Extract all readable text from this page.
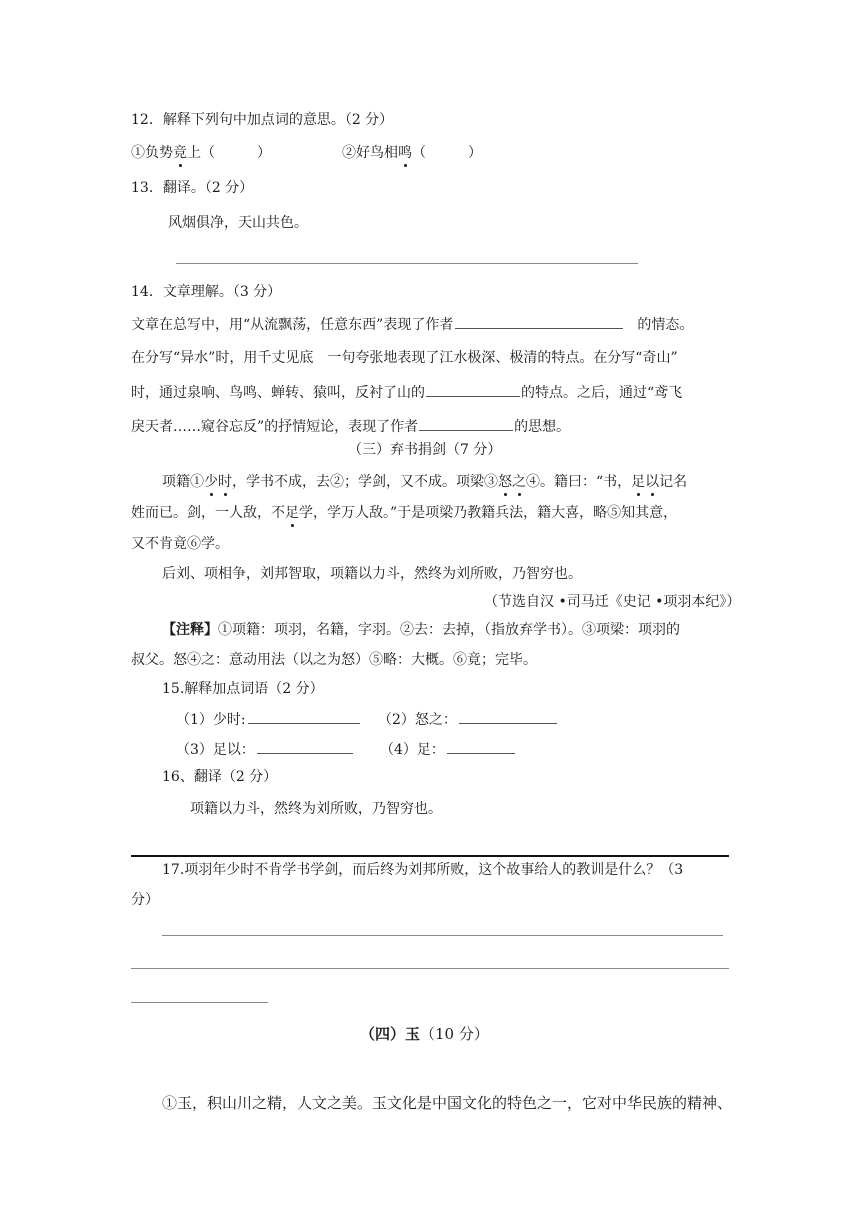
12．解释下列句中加点词的意思。（2 分）
①负势竞上（　　　）	②好鸟相鸣（　　　）
13．翻译。（2 分）
风烟俱净，天山共色。
14．文章理解。（3 分）
文章在总写中，用“从流飘荡，任意东西”表现了作者	的情态。
在分写“异水”时，用千丈见底　一句夸张地表现了江水极深、极清的特点。在分写“奇山”
时，通过泉响、鸟鸣、蝉转、猿叫，反衬了山的	的特点。之后，通过“鸢飞
戾天者……窥谷忘反”的抒情短论，表现了作者	的思想。
（三）弃书捐剑（7 分）
项籍①少时，学书不成，去②；学剑，又不成。项梁③怒之④。籍曰：“书，足以记名
姓而已。剑，一人敌，不足学，学万人敌。”于是项梁乃教籍兵法，籍大喜，略⑤知其意，
又不肯竟⑥学。
后刘、项相争，刘邦智取，项籍以力斗，然终为刘所败，乃智穷也。
（节选自汉 •司马迁《史记 •项羽本纪》）
【注释】①项籍：项羽，名籍，字羽。②去：去掉，（指放弃学书）。③项梁：项羽的
叔父。怒④之：意动用法（以之为怒）⑤略：大概。⑥竟；完毕。
15.解释加点词语（2 分）
（1）少时:	（2）怒之：
（3）足以：	（4）足：
16、翻译（2 分）
项籍以力斗，然终为刘所败，乃智穷也。
17.项羽年少时不肯学书学剑，而后终为刘邦所败，这个故事给人的教训是什么？（3
分）
（四）玉（10 分）
①玉，积山川之精，人文之美。玉文化是中国文化的特色之一，它对中华民族的精神、
